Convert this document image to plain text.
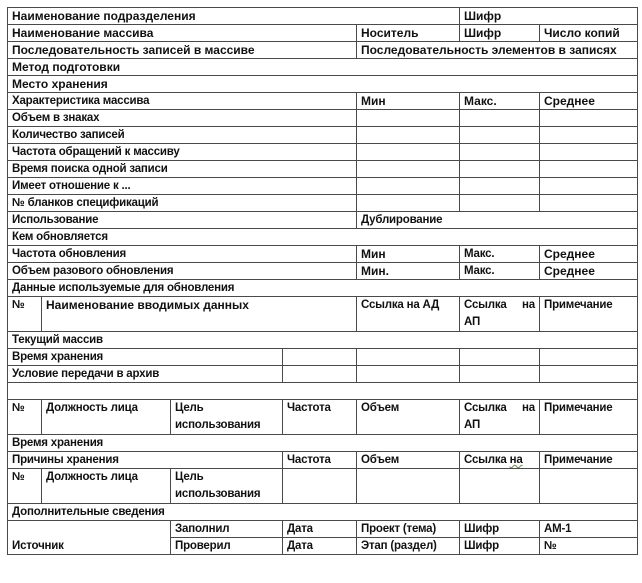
Наименование подразделения					Шифр	
Наименование массива				Носитель	Шифр	Число копий
Последовательность записей в массиве				Последовательность элементов в записях		
Метод подготовки						
Место хранения						
Характеристика массива				Мин	Макс.	Среднее
Объем в знаках						
Количество записей						
Частота обращений к массиву						
Время поиска одной записи						
Имеет отношение к ...						
№ бланков спецификаций						
Использование				Дублирование		
Кем обновляется						
Частота обновления				Мин	Макс.	Среднее
Объем разового обновления				Мин.	Макс.	Среднее
Данные используемые для обновления						
№	Наименование вводимых данных			Ссылка на АД	Ссылка на АП	Примечание
Текущий массив						
Время хранения						
Условие передачи в архив						

№	Должность лица	Цель использования	Частота	Объем	Ссылка на АП	Примечание
Время хранения						
Причины хранения			Частота	Объем	Ссылка на	Примечание
№	Должность лица	Цель использования				
Дополнительные сведения						
Источник		Заполнил	Дата	Проект (тема)	Шифр	АМ-1
		Проверил	Дата	Этап (раздел)	Шифр	№
